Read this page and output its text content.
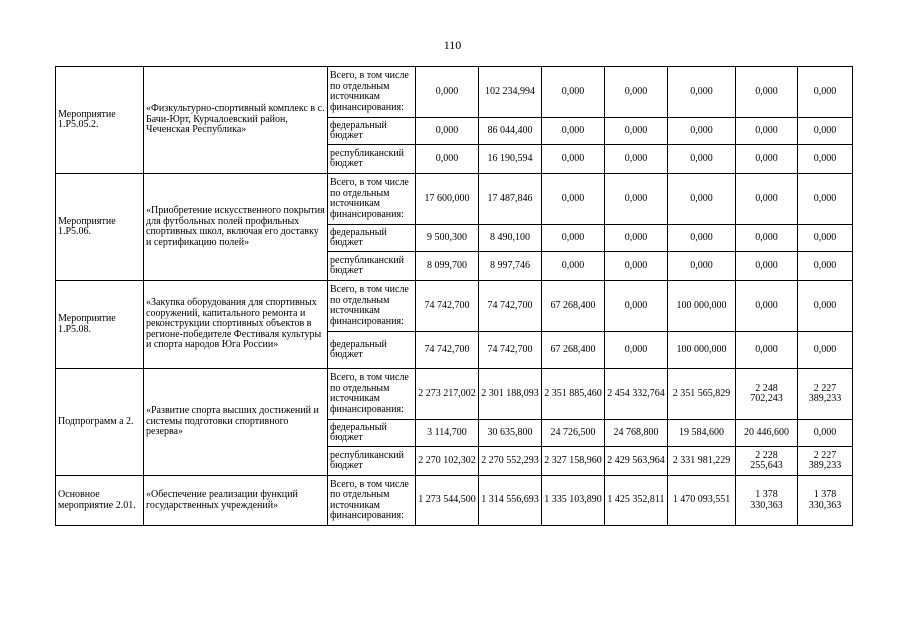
110
Мероприятие 1.P5.05.2.	«Физкультурно-спортивный комплекс в с. Бачи-Юрт, Курчалоевский район, Чеченская Республика»	Всего, в том числе по отдельным источникам финансирования:	0,000	102 234,994	0,000	0,000	0,000	0,000	0,000
		федеральный бюджет	0,000	86 044,400	0,000	0,000	0,000	0,000	0,000
		республиканский бюджет	0,000	16 190,594	0,000	0,000	0,000	0,000	0,000
Мероприятие 1.P5.06.	«Приобретение искусственного покрытия для футбольных полей профильных спортивных школ, включая его доставку и сертификацию полей»	Всего, в том числе по отдельным источникам финансирования:	17 600,000	17 487,846	0,000	0,000	0,000	0,000	0,000
		федеральный бюджет	9 500,300	8 490,100	0,000	0,000	0,000	0,000	0,000
		республиканский бюджет	8 099,700	8 997,746	0,000	0,000	0,000	0,000	0,000
Мероприятие 1.P5.08.	«Закупка оборудования для спортивных сооружений, капитального ремонта и реконструкции спортивных объектов в регионе-победителе Фестиваля культуры и спорта народов Юга России»	Всего, в том числе по отдельным источникам финансирования:	74 742,700	74 742,700	67 268,400	0,000	100 000,000	0,000	0,000
		федеральный бюджет	74 742,700	74 742,700	67 268,400	0,000	100 000,000	0,000	0,000
Подпрограмм а 2.	«Развитие спорта высших достижений и системы подготовки спортивного резерва»	Всего, в том числе по отдельным источникам финансирования:	2 273 217,002	2 301 188,093	2 351 885,460	2 454 332,764	2 351 565,829	2 248 702,243	2 227 389,233
		федеральный бюджет	3 114,700	30 635,800	24 726,500	24 768,800	19 584,600	20 446,600	0,000
		республиканский бюджет	2 270 102,302	2 270 552,293	2 327 158,960	2 429 563,964	2 331 981,229	2 228 255,643	2 227 389,233
Основное мероприятие 2.01.	«Обеспечение реализации функций государственных учреждений»	Всего, в том числе по отдельным источникам финансирования:	1 273 544,500	1 314 556,693	1 335 103,890	1 425 352,811	1 470 093,551	1 378 330,363	1 378 330,363
